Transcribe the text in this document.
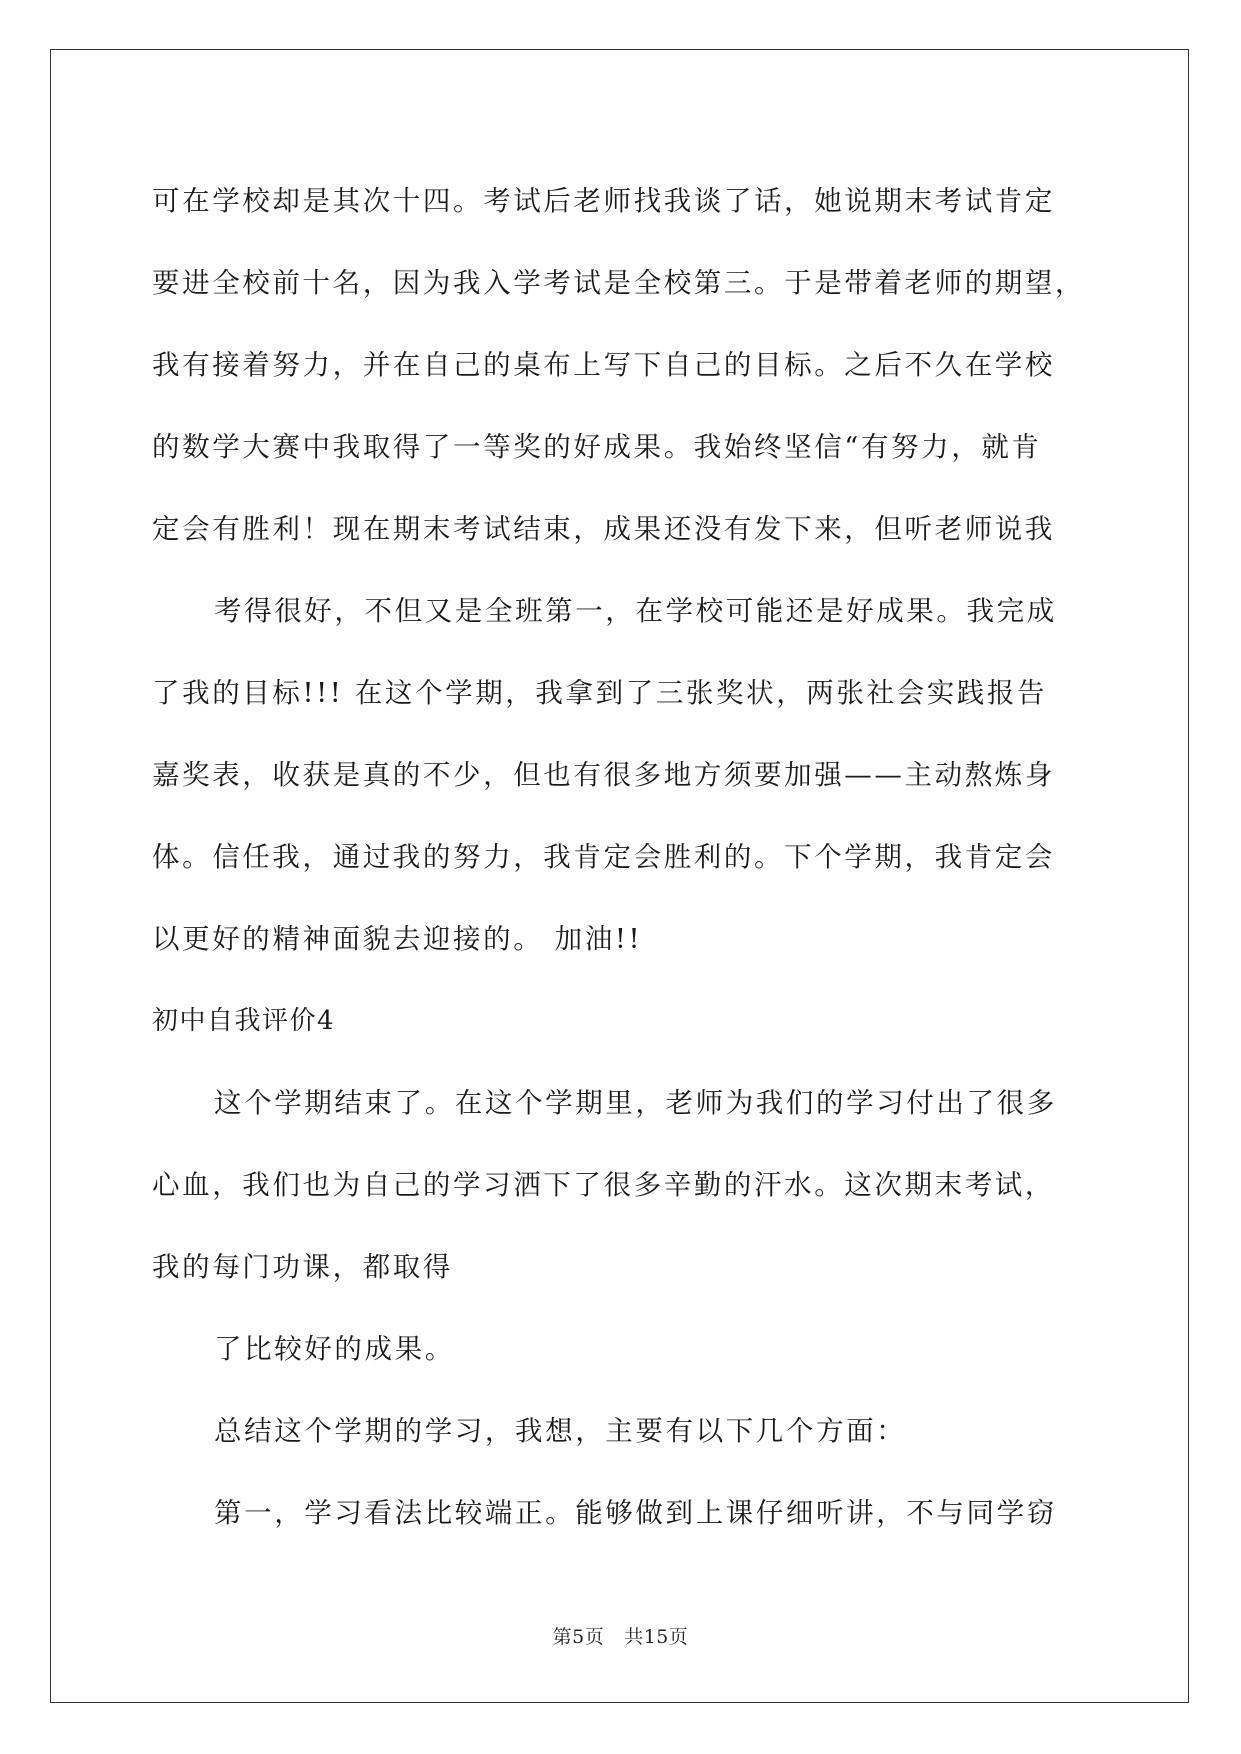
可在学校却是其次十四。考试后老师找我谈了话，她说期末考试肯定
要进全校前十名，因为我入学考试是全校第三。于是带着老师的期望，
我有接着努力，并在自己的桌布上写下自己的目标。之后不久在学校
的数学大赛中我取得了一等奖的好成果。我始终坚信“有努力，就肯
定会有胜利！现在期末考试结束，成果还没有发下来，但听老师说我
考得很好，不但又是全班第一，在学校可能还是好成果。我完成
了我的目标!!! 在这个学期，我拿到了三张奖状，两张社会实践报告
嘉奖表，收获是真的不少，但也有很多地方须要加强——主动熬炼身
体。信任我，通过我的努力，我肯定会胜利的。下个学期，我肯定会
以更好的精神面貌去迎接的。 加油!!
初中自我评价4
这个学期结束了。在这个学期里，老师为我们的学习付出了很多
心血，我们也为自己的学习洒下了很多辛勤的汗水。这次期末考试，
我的每门功课，都取得
了比较好的成果。
总结这个学期的学习，我想，主要有以下几个方面：
第一，学习看法比较端正。能够做到上课仔细听讲，不与同学窃
第5页 共15页
